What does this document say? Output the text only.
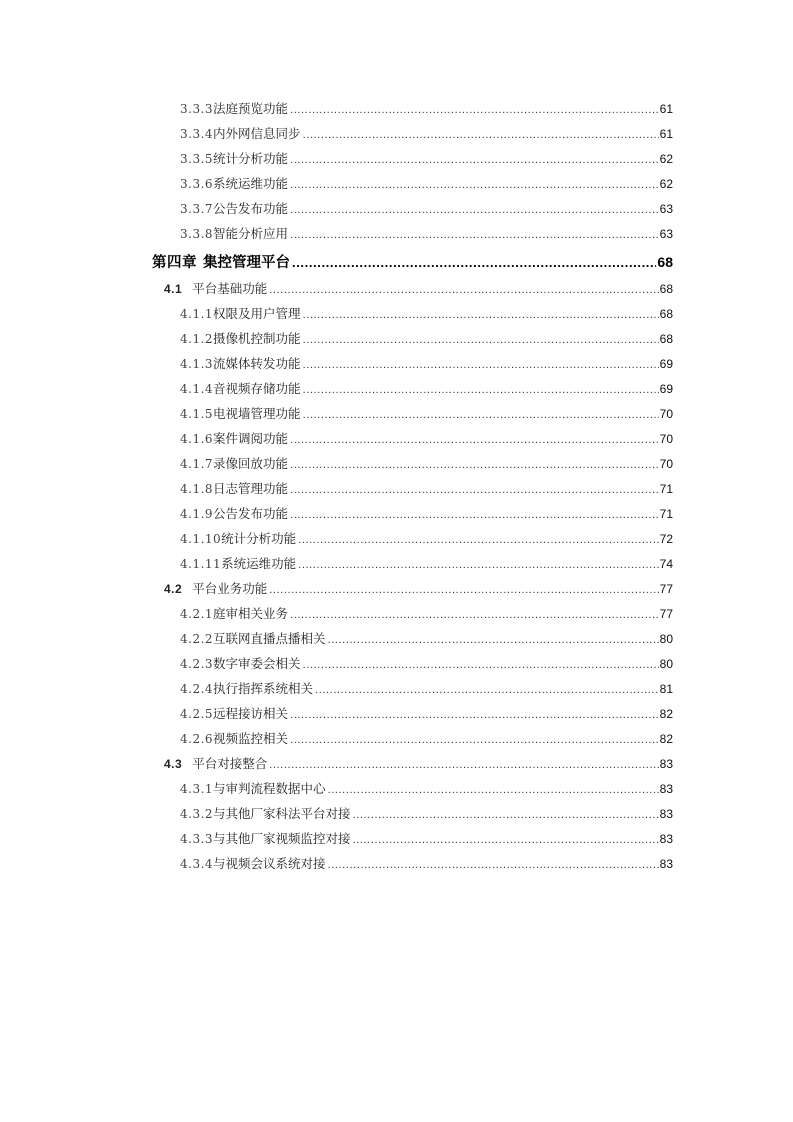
3.3.3 法庭预览功能 .....	61
3.3.4 内外网信息同步 .....	61
3.3.5 统计分析功能 .....	62
3.3.6 系统运维功能 .....	62
3.3.7 公告发布功能 .....	63
3.3.8 智能分析应用 .....	63
第四章 集控管理平台 .....	68
4.1 平台基础功能 .....	68
4.1.1 权限及用户管理 .....	68
4.1.2 摄像机控制功能 .....	68
4.1.3 流媒体转发功能 .....	69
4.1.4 音视频存储功能 .....	69
4.1.5 电视墙管理功能 .....	70
4.1.6 案件调阅功能 .....	70
4.1.7 录像回放功能 .....	70
4.1.8 日志管理功能 .....	71
4.1.9 公告发布功能 .....	71
4.1.10 统计分析功能 .....	72
4.1.11 系统运维功能 .....	74
4.2 平台业务功能 .....	77
4.2.1 庭审相关业务 .....	77
4.2.2 互联网直播点播相关 .....	80
4.2.3 数字审委会相关 .....	80
4.2.4 执行指挥系统相关 .....	81
4.2.5 远程接访相关 .....	82
4.2.6 视频监控相关 .....	82
4.3 平台对接整合 .....	83
4.3.1 与审判流程数据中心 .....	83
4.3.2 与其他厂家科法平台对接 .....	83
4.3.3 与其他厂家视频监控对接 .....	83
4.3.4 与视频会议系统对接 .....	83
